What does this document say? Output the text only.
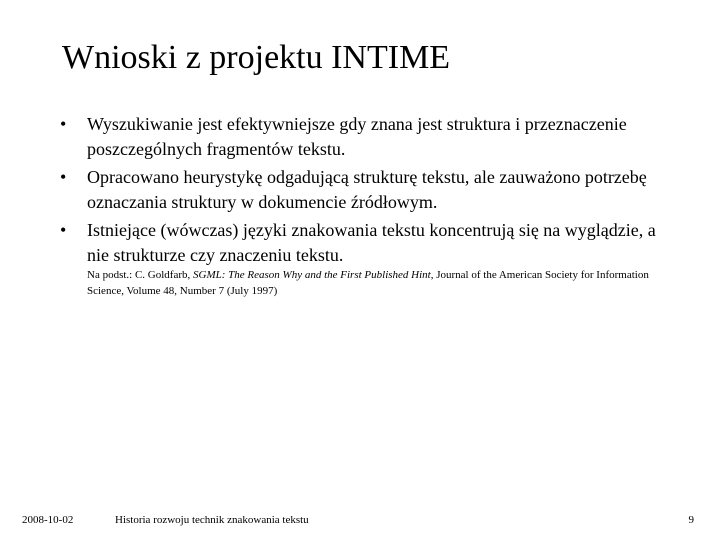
Wnioski z projektu INTIME
• Wyszukiwanie jest efektywniejsze gdy znana jest struktura i przeznaczenie poszczególnych fragmentów tekstu.
• Opracowano heurystykę odgadującą strukturę tekstu, ale zauważono potrzebę oznaczania struktury w dokumencie źródłowym.
• Istniejące (wówczas) języki znakowania tekstu koncentrują się na wyglądzie, a nie strukturze czy znaczeniu tekstu.

Na podst.: C. Goldfarb, SGML: The Reason Why and the First Published Hint, Journal of the American Society for Information Science, Volume 48, Number 7 (July 1997)

2008-10-02	Historia rozwoju technik znakowania tekstu	9
